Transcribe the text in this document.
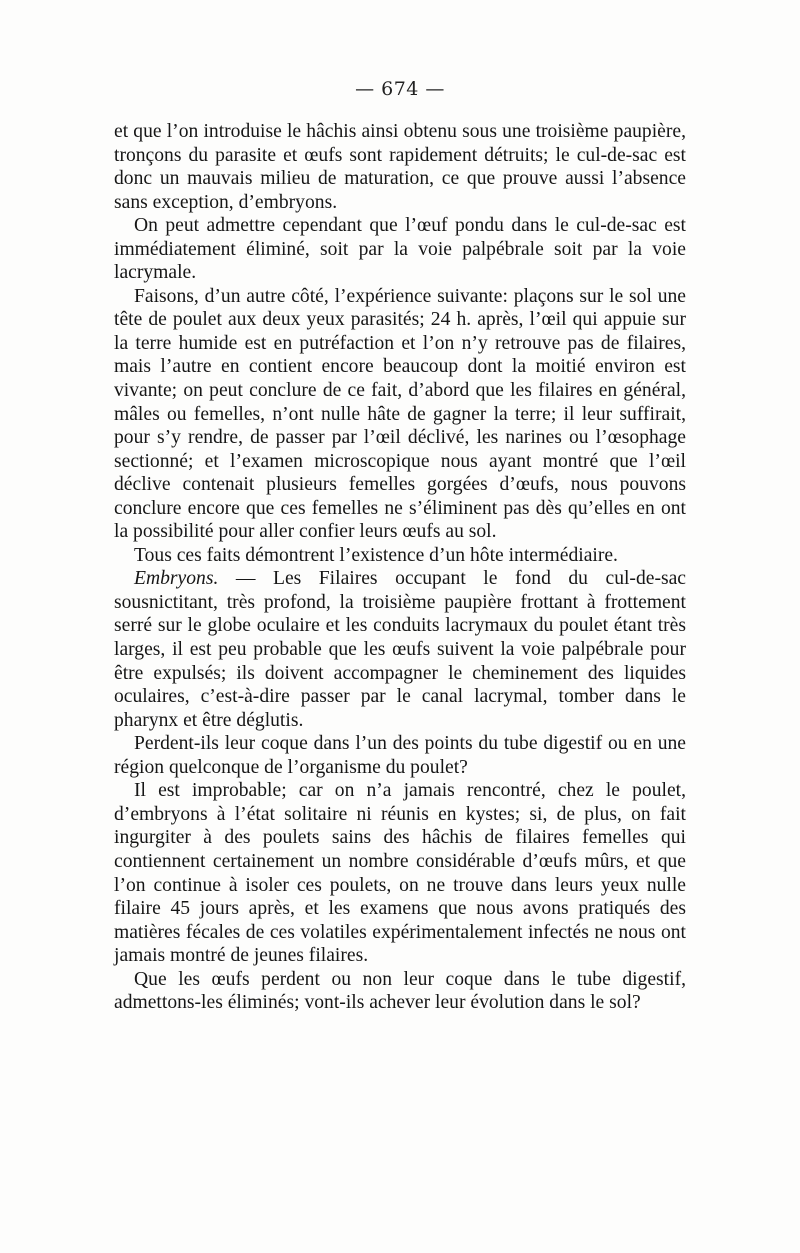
— 674 —

et que l’on introduise le hâchis ainsi obtenu sous une troisième paupière, tronçons du parasite et œufs sont rapidement détruits; le cul-de-sac est donc un mauvais milieu de maturation, ce que prouve aussi l’absence sans exception, d’embryons.

On peut admettre cependant que l’œuf pondu dans le cul-de-sac est immédiatement éliminé, soit par la voie palpébrale soit par la voie lacrymale.

Faisons, d’un autre côté, l’expérience suivante: plaçons sur le sol une tête de poulet aux deux yeux parasités; 24 h. après, l’œil qui appuie sur la terre humide est en putréfaction et l’on n’y retrouve pas de filaires, mais l’autre en contient encore beaucoup dont la moitié environ est vivante; on peut conclure de ce fait, d’abord que les filaires en général, mâles ou femelles, n’ont nulle hâte de gagner la terre; il leur suffirait, pour s’y rendre, de passer par l’œil déclivé, les narines ou l’œsophage sectionné; et l’examen microscopique nous ayant montré que l’œil déclive contenait plusieurs femelles gorgées d’œufs, nous pouvons conclure encore que ces femelles ne s’éliminent pas dès qu’elles en ont la possibilité pour aller confier leurs œufs au sol.

Tous ces faits démontrent l’existence d’un hôte intermédiaire.

Embryons. — Les Filaires occupant le fond du cul-de-sac sousnictitant, très profond, la troisième paupière frottant à frottement serré sur le globe oculaire et les conduits lacrymaux du poulet étant très larges, il est peu probable que les œufs suivent la voie palpébrale pour être expulsés; ils doivent accompagner le cheminement des liquides oculaires, c’est-à-dire passer par le canal lacrymal, tomber dans le pharynx et être déglutis.

Perdent-ils leur coque dans l’un des points du tube digestif ou en une région quelconque de l’organisme du poulet?

Il est improbable; car on n’a jamais rencontré, chez le poulet, d’embryons à l’état solitaire ni réunis en kystes; si, de plus, on fait ingurgiter à des poulets sains des hâchis de filaires femelles qui contiennent certainement un nombre considérable d’œufs mûrs, et que l’on continue à isoler ces poulets, on ne trouve dans leurs yeux nulle filaire 45 jours après, et les examens que nous avons pratiqués des matières fécales de ces volatiles expérimentalement infectés ne nous ont jamais montré de jeunes filaires.

Que les œufs perdent ou non leur coque dans le tube digestif, admettons-les éliminés; vont-ils achever leur évolution dans le sol?
